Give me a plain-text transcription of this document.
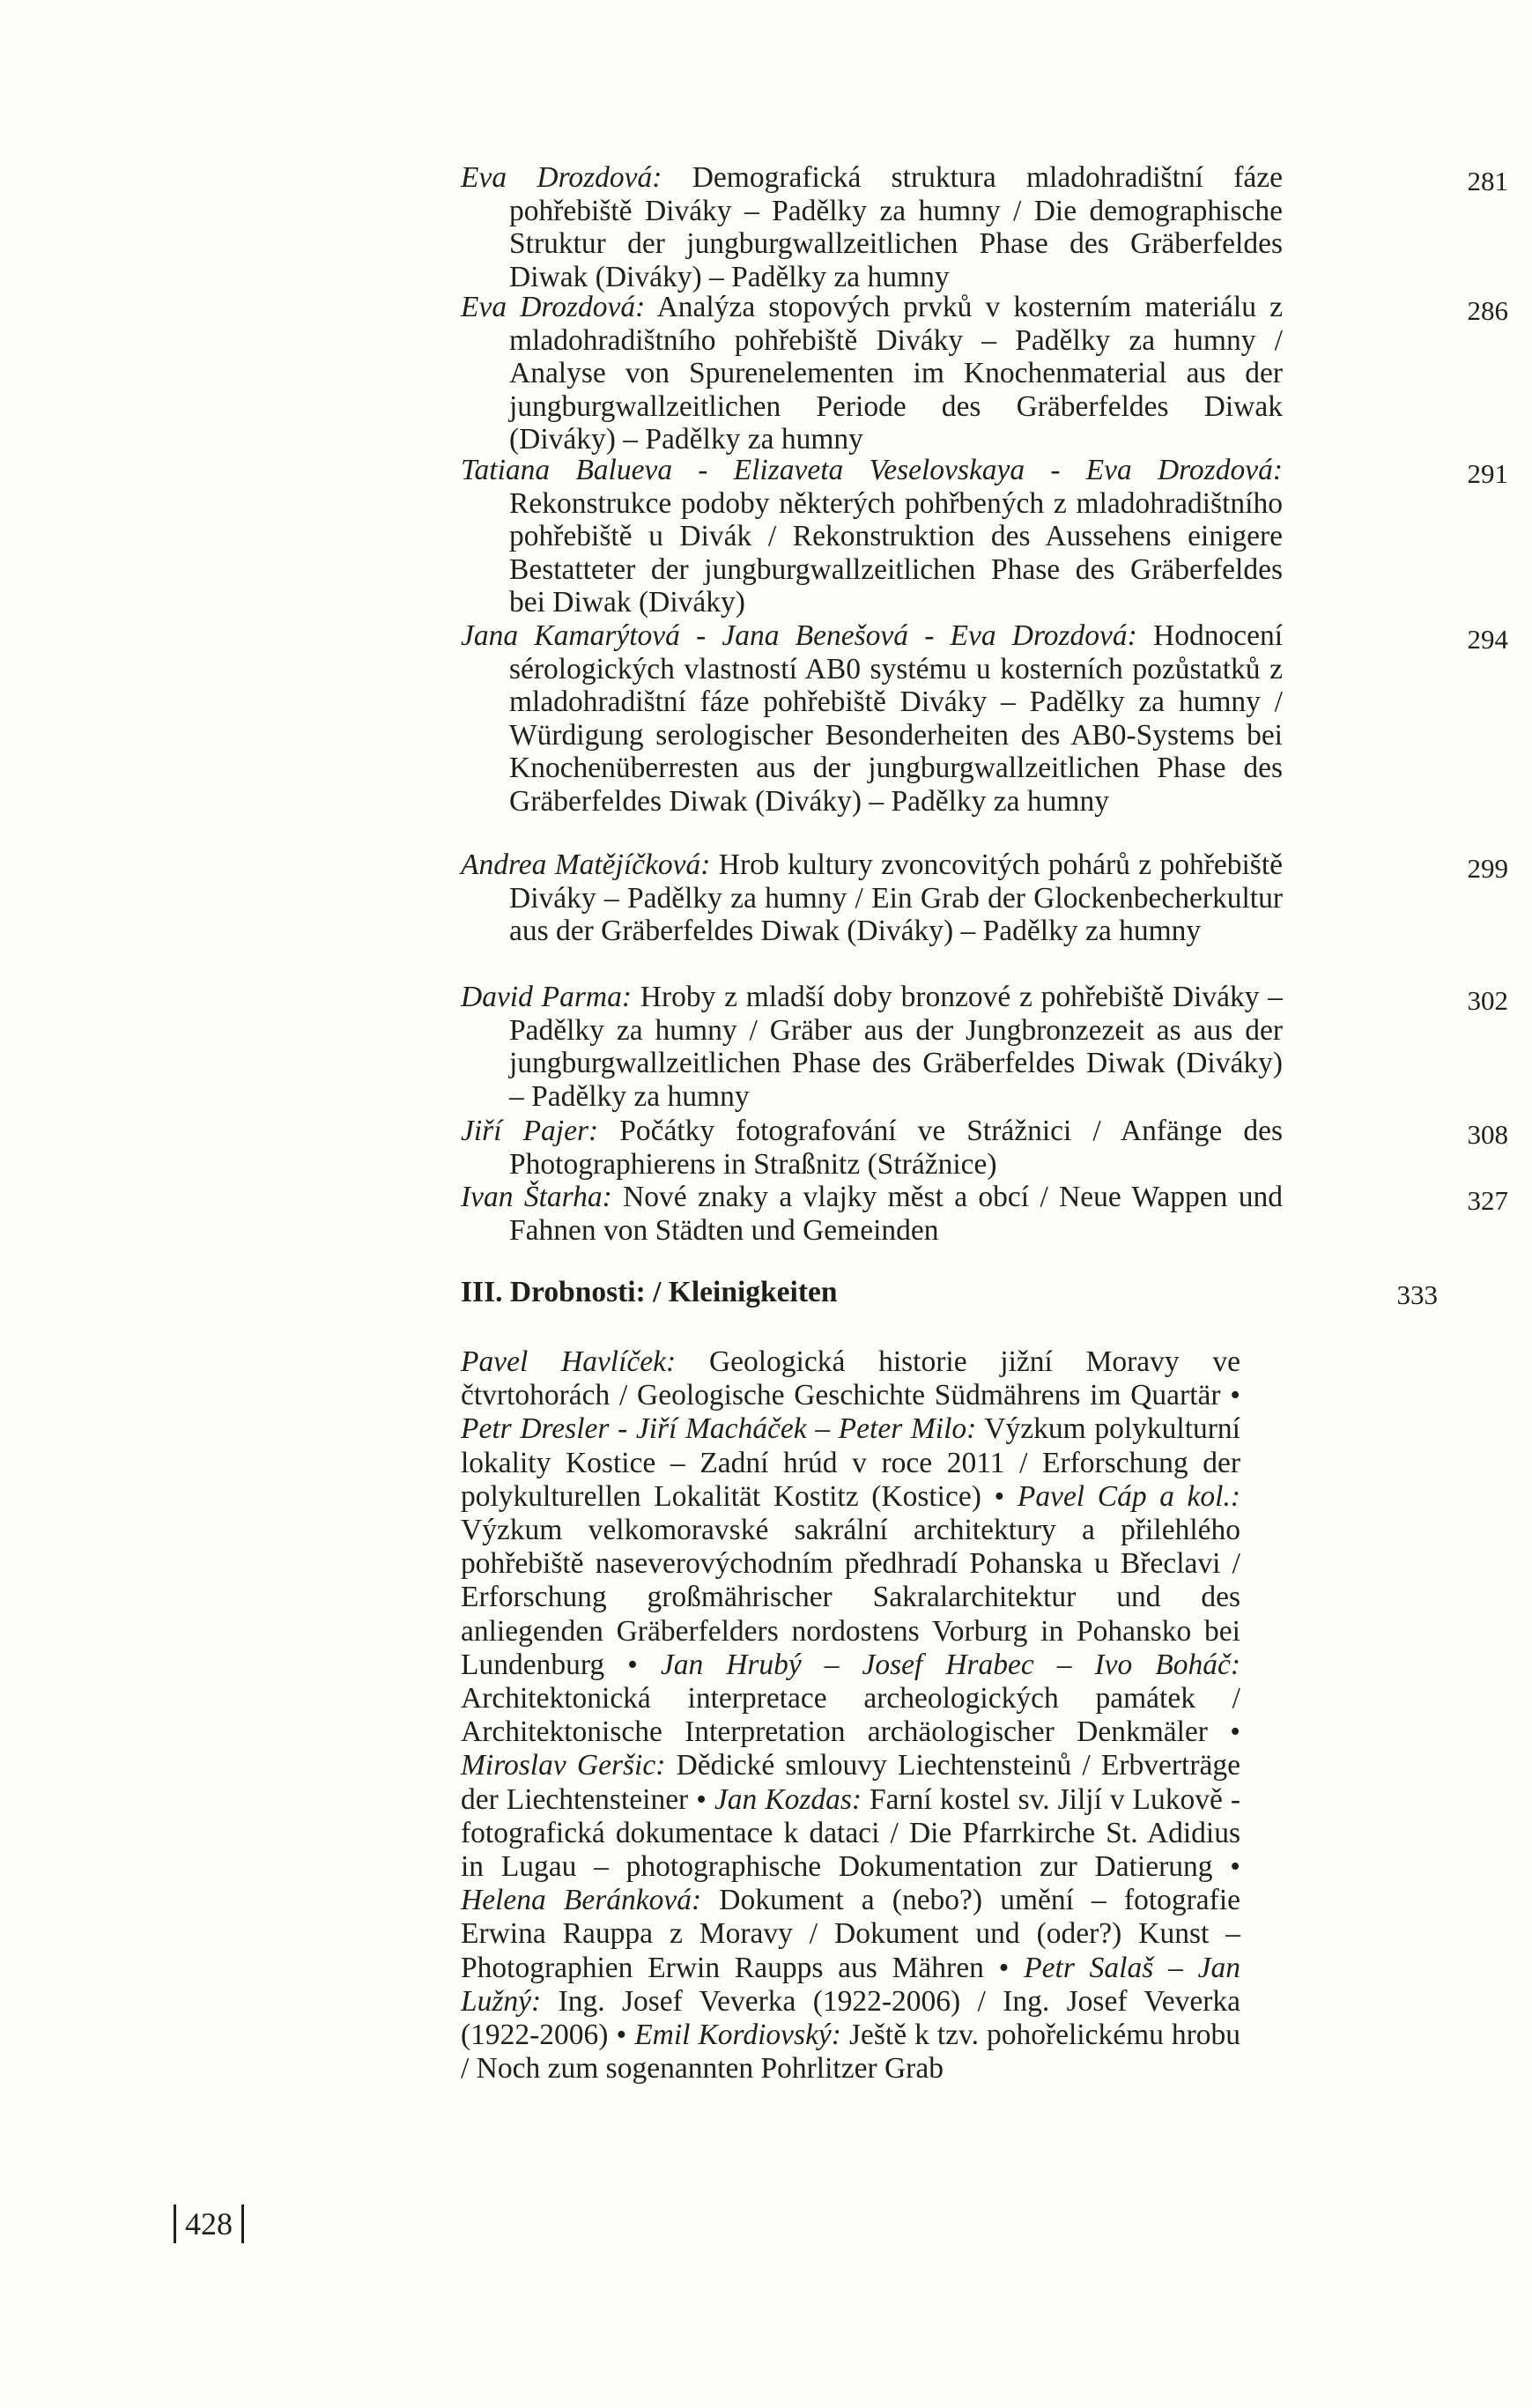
Eva Drozdová: Demografická struktura mladohradištní fáze pohřebiště Diváky – Padělky za humny / Die demographische Struktur der jungburgwallzeitlichen Phase des Gräberfeldes Diwak (Diváky) – Padělky za humny
281
Eva Drozdová: Analýza stopových prvků v kosterním materiálu z mladohradištního pohřebiště Diváky – Padělky za humny / Analyse von Spurenelementen im Knochenmaterial aus der jungburgwallzeitlichen Periode des Gräberfeldes Diwak (Diváky) – Padělky za humny
286
Tatiana Balueva - Elizaveta Veselovskaya - Eva Drozdová: Rekonstrukce podoby některých pohřbených z mladohradištního pohřebiště u Divák / Rekonstruktion des Aussehens einigere Bestatteter der jungburgwallzeitlichen Phase des Gräberfeldes bei Diwak (Diváky)
291
Jana Kamarýtová - Jana Benešová - Eva Drozdová: Hodnocení sérologických vlastností AB0 systému u kosterních pozůstatků z mladohradištní fáze pohřebiště Diváky – Padělky za humny / Würdigung serologischer Besonderheiten des AB0-Systems bei Knochenüberresten aus der jungburgwallzeitlichen Phase des Gräberfeldes Diwak (Diváky) – Padělky za humny
294
Andrea Matějíčková: Hrob kultury zvoncovitých pohárů z pohřebiště Diváky – Padělky za humny / Ein Grab der Glockenbecherkultur aus der Gräberfeldes Diwak (Diváky) – Padělky za humny
299
David Parma: Hroby z mladší doby bronzové z pohřebiště Diváky – Padělky za humny / Gräber aus der Jungbronzezeit as aus der jungburgwallzeitlichen Phase des Gräberfeldes Diwak (Diváky) – Padělky za humny
302
Jiří Pajer: Počátky fotografování ve Strážnici / Anfänge des Photographierens in Straßnitz (Strážnice)
308
Ivan Štarha: Nové znaky a vlajky měst a obcí / Neue Wappen und Fahnen von Städten und Gemeinden
327
III. Drobnosti: / Kleinigkeiten	333
Pavel Havlíček: Geologická historie jižní Moravy ve čtvrtohorách / Geologische Geschichte Südmährens im Quartär • Petr Dresler - Jiří Macháček – Peter Milo: Výzkum polykulturní lokality Kostice – Zadní hrúd v roce 2011 / Erforschung der polykulturellen Lokalität Kostitz (Kostice) • Pavel Cáp a kol.: Výzkum velkomoravské sakrální architektury a přilehlého pohřebiště naseverovýchodním předhradí Pohanska u Břeclavi / Erforschung großmährischer Sakralarchitektur und des anliegenden Gräberfelders nordostens Vorburg in Pohansko bei Lundenburg • Jan Hrubý – Josef Hrabec – Ivo Boháč: Architektonická interpretace archeologických památek / Architektonische Interpretation archäologischer Denkmäler • Miroslav Geršic: Dědické smlouvy Liechtensteinů / Erbverträge der Liechtensteiner • Jan Kozdas: Farní kostel sv. Jiljí v Lukově - fotografická dokumentace k dataci / Die Pfarrkirche St. Adidius in Lugau – photographische Dokumentation zur Datierung • Helena Beránková: Dokument a (nebo?) umění – fotografie Erwina Rauppa z Moravy / Dokument und (oder?) Kunst – Photographien Erwin Raupps aus Mähren • Petr Salaš – Jan Lužný: Ing. Josef Veverka (1922-2006) / Ing. Josef Veverka (1922-2006) • Emil Kordiovský: Ještě k tzv. pohořelickému hrobu / Noch zum sogenannten Pohrlitzer Grab
428
